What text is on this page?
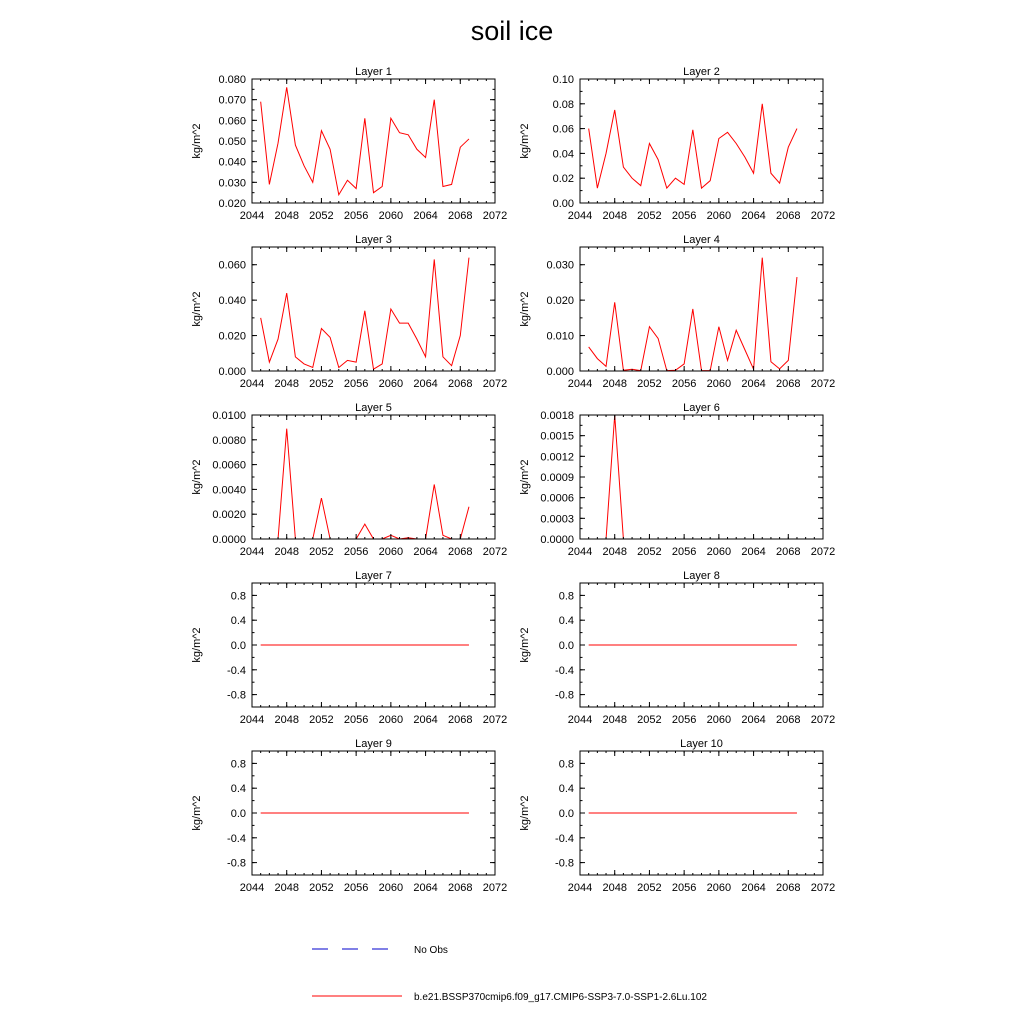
soil ice
Layer 1
kg/m^2
2044 2048 2052 2056 2060 2064 2068 2072
0.020
0.030
0.040
0.050
0.060
0.070
0.080
Layer 2
kg/m^2
2044 2048 2052 2056 2060 2064 2068 2072
0.00
0.02
0.04
0.06
0.08
0.10
Layer 3
kg/m^2
2044 2048 2052 2056 2060 2064 2068 2072
0.000
0.020
0.040
0.060
Layer 4
kg/m^2
2044 2048 2052 2056 2060 2064 2068 2072
0.000
0.010
0.020
0.030
Layer 5
kg/m^2
2044 2048 2052 2056 2060 2064 2068 2072
0.0000
0.0020
0.0040
0.0060
0.0080
0.0100
Layer 6
kg/m^2
2044 2048 2052 2056 2060 2064 2068 2072
0.0000
0.0003
0.0006
0.0009
0.0012
0.0015
0.0018
Layer 7
kg/m^2
2044 2048 2052 2056 2060 2064 2068 2072
-0.8
-0.4
0.0
0.4
0.8
Layer 8
kg/m^2
2044 2048 2052 2056 2060 2064 2068 2072
-0.8
-0.4
0.0
0.4
0.8
Layer 9
kg/m^2
2044 2048 2052 2056 2060 2064 2068 2072
-0.8
-0.4
0.0
0.4
0.8
Layer 10
kg/m^2
2044 2048 2052 2056 2060 2064 2068 2072
-0.8
-0.4
0.0
0.4
0.8
No Obs
b.e21.BSSP370cmip6.f09_g17.CMIP6-SSP3-7.0-SSP1-2.6Lu.102
